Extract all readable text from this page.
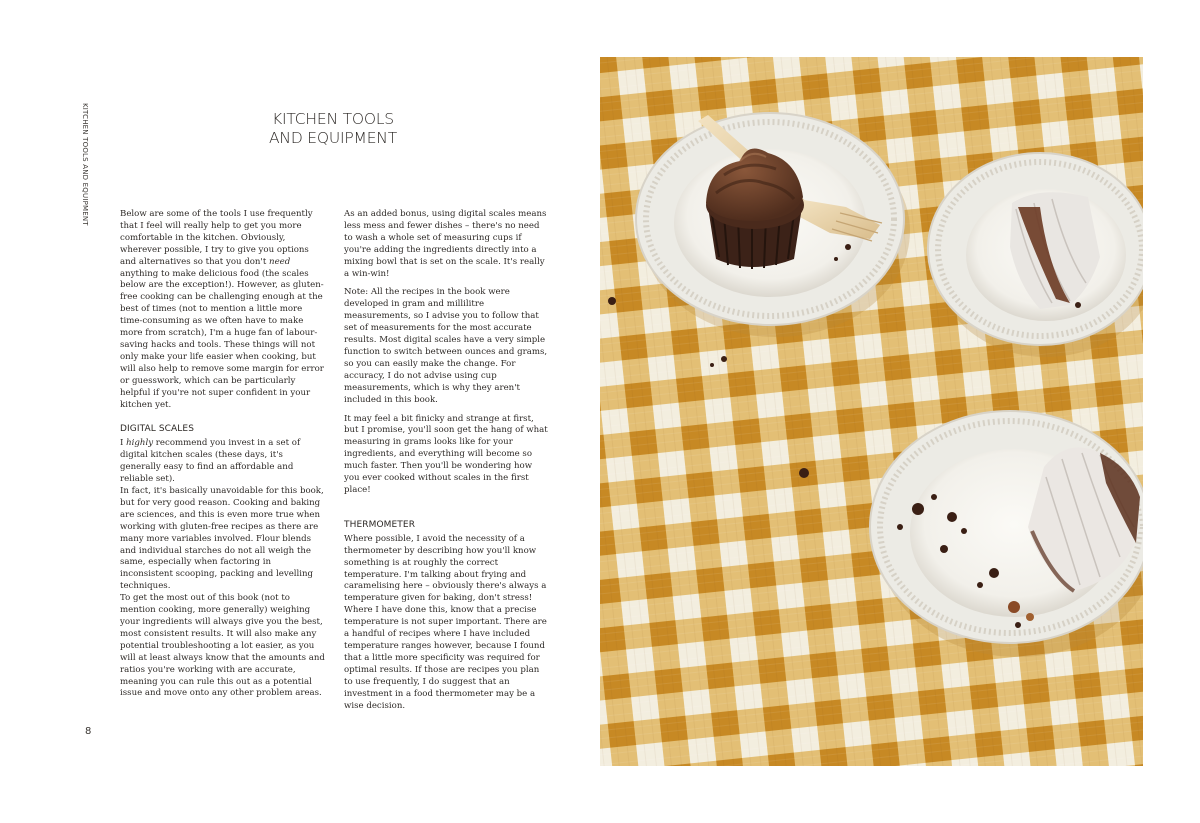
KITCHEN TOOLS AND EQUIPMENT	KITCHEN TOOLS
AND EQUIPMENT

Below are some of the tools I use frequently that I feel will really help to get you more comfortable in the kitchen. Obviously, wherever possible, I try to give you options and alternatives so that you don't need anything to make delicious food (the scales below are the exception!). However, as gluten-free cooking can be challenging enough at the best of times (not to mention a little more time-consuming as we often have to make more from scratch), I'm a huge fan of labour-saving hacks and tools. These things will not only make your life easier when cooking, but will also help to remove some margin for error or guesswork, which can be particularly helpful if you're not super confident in your kitchen yet.

DIGITAL SCALES

I highly recommend you invest in a set of digital kitchen scales (these days, it's generally easy to find an affordable and reliable set).

In fact, it's basically unavoidable for this book, but for very good reason. Cooking and baking are sciences, and this is even more true when working with gluten-free recipes as there are many more variables involved. Flour blends and individual starches do not all weigh the same, especially when factoring in inconsistent scooping, packing and levelling techniques.

To get the most out of this book (not to mention cooking, more generally) weighing your ingredients will always give you the best, most consistent results. It will also make any potential troubleshooting a lot easier, as you will at least always know that the amounts and ratios you're working with are accurate, meaning you can rule this out as a potential issue and move onto any other problem areas.

As an added bonus, using digital scales means less mess and fewer dishes – there's no need to wash a whole set of measuring cups if you're adding the ingredients directly into a mixing bowl that is set on the scale. It's really a win-win!

Note: All the recipes in the book were developed in gram and millilitre measurements, so I advise you to follow that set of measurements for the most accurate results. Most digital scales have a very simple function to switch between ounces and grams, so you can easily make the change. For accuracy, I do not advise using cup measurements, which is why they aren't included in this book.

It may feel a bit finicky and strange at first, but I promise, you'll soon get the hang of what measuring in grams looks like for your ingredients, and everything will become so much faster. Then you'll be wondering how you ever cooked without scales in the first place!

THERMOMETER

Where possible, I avoid the necessity of a thermometer by describing how you'll know something is at roughly the correct temperature. I'm talking about frying and caramelising here – obviously there's always a temperature given for baking, don't stress! Where I have done this, know that a precise temperature is not super important. There are a handful of recipes where I have included temperature ranges however, because I found that a little more specificity was required for optimal results. If those are recipes you plan to use frequently, I do suggest that an investment in a food thermometer may be a wise decision.

8
